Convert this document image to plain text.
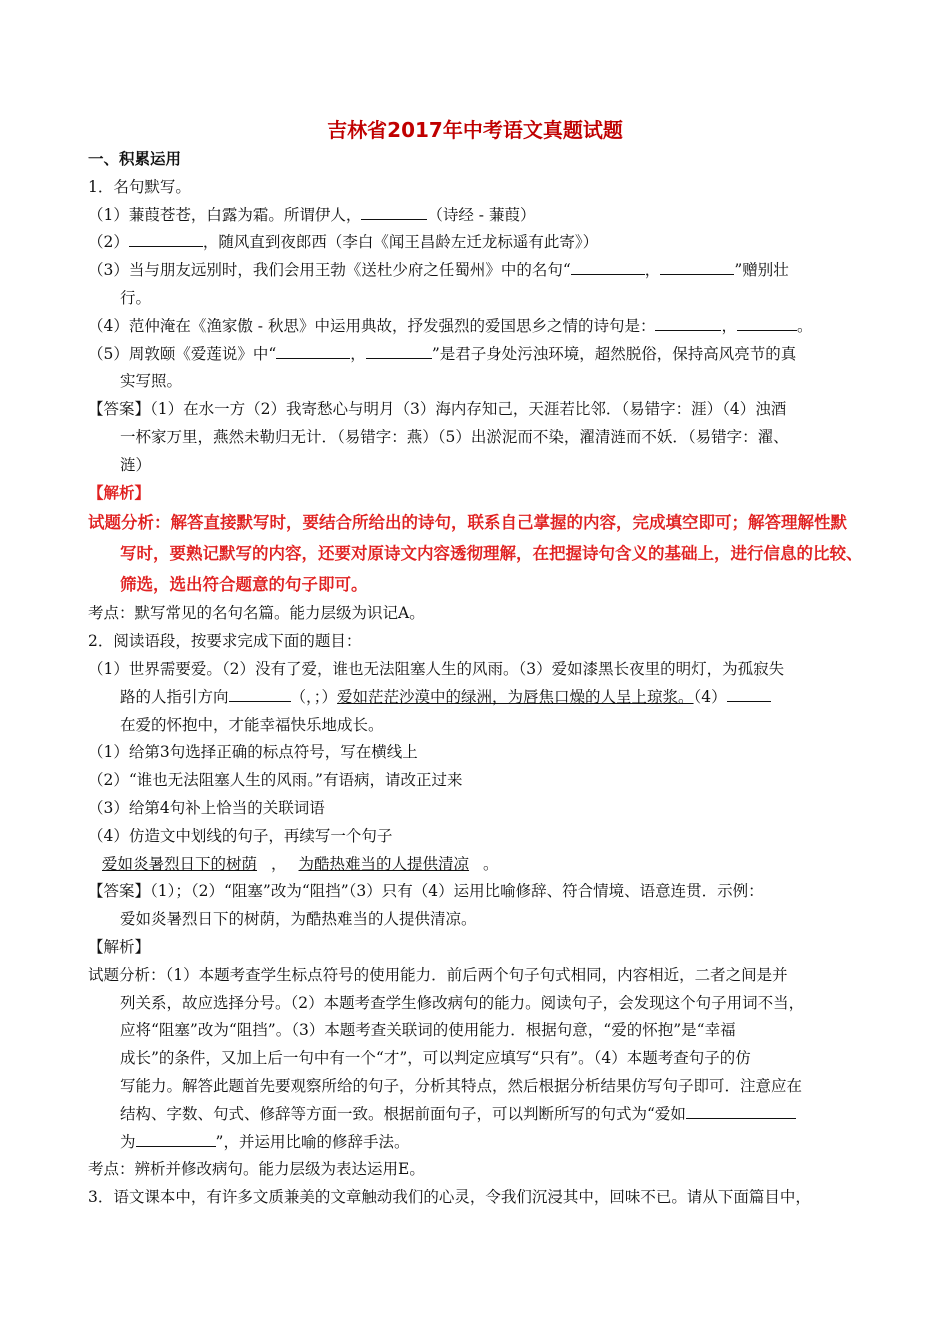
吉林省2017年中考语文真题试题
一、积累运用
1．名句默写。
（1）蒹葭苍苍，白露为霜。所谓伊人，	（诗经 - 蒹葭）
（2）	，随风直到夜郎西（李白《闻王昌龄左迁龙标遥有此寄》）
（3）当与朋友远别时，我们会用王勃《送杜少府之任蜀州》中的名句“	，	”赠别壮
行。
（4）范仲淹在《渔家傲 - 秋思》中运用典故，抒发强烈的爱国思乡之情的诗句是：	，	。
（5）周敦颐《爱莲说》中“	，	”是君子身处污浊环境，超然脱俗，保持高风亮节的真
实写照。
【答案】（1）在水一方（2）我寄愁心与明月（3）海内存知己，天涯若比邻．（易错字：涯）（4）浊酒
一杯家万里，燕然未勒归无计．（易错字：燕）（5）出淤泥而不染，濯清涟而不妖．（易错字：濯、
涟）
【解析】
试题分析：解答直接默写时，要结合所给出的诗句，联系自己掌握的内容，完成填空即可；解答理解性默
写时，要熟记默写的内容，还要对原诗文内容透彻理解，在把握诗句含义的基础上，进行信息的比较、
筛选，选出符合题意的句子即可。
考点：默写常见的名句名篇。能力层级为识记A。
2．阅读语段，按要求完成下面的题目：
（1）世界需要爱。（2）没有了爱，谁也无法阻塞人生的风雨。（3）爱如漆黑长夜里的明灯，为孤寂失
路的人指引方向	（，；）爱如茫茫沙漠中的绿洲，为唇焦口燥的人呈上琼浆。（4）
在爱的怀抱中，才能幸福快乐地成长。
（1）给第3句选择正确的标点符号，写在横线上
（2）“谁也无法阻塞人生的风雨。”有语病，请改正过来
（3）给第4句补上恰当的关联词语
（4）仿造文中划线的句子，再续写一个句子
爱如炎暑烈日下的树荫 ， 为酷热难当的人提供清凉 。
【答案】（1）；（2）“阻塞”改为“阻挡”（3）只有（4）运用比喻修辞、符合情境、语意连贯．示例：
爱如炎暑烈日下的树荫，为酷热难当的人提供清凉。
【解析】
试题分析：（1）本题考查学生标点符号的使用能力．前后两个句子句式相同，内容相近，二者之间是并
列关系，故应选择分号。（2）本题考查学生修改病句的能力。阅读句子，会发现这个句子用词不当，
应将“阻塞”改为“阻挡”。（3）本题考查关联词的使用能力．根据句意，“爱的怀抱”是“幸福
成长”的条件，又加上后一句中有一个“才”，可以判定应填写“只有”。（4）本题考查句子的仿
写能力。解答此题首先要观察所给的句子，分析其特点，然后根据分析结果仿写句子即可．注意应在
结构、字数、句式、修辞等方面一致。根据前面句子，可以判断所写的句式为“爱如
为	”，并运用比喻的修辞手法。
考点：辨析并修改病句。能力层级为表达运用E。
3．语文课本中，有许多文质兼美的文章触动我们的心灵，令我们沉浸其中，回味不已。请从下面篇目中，
